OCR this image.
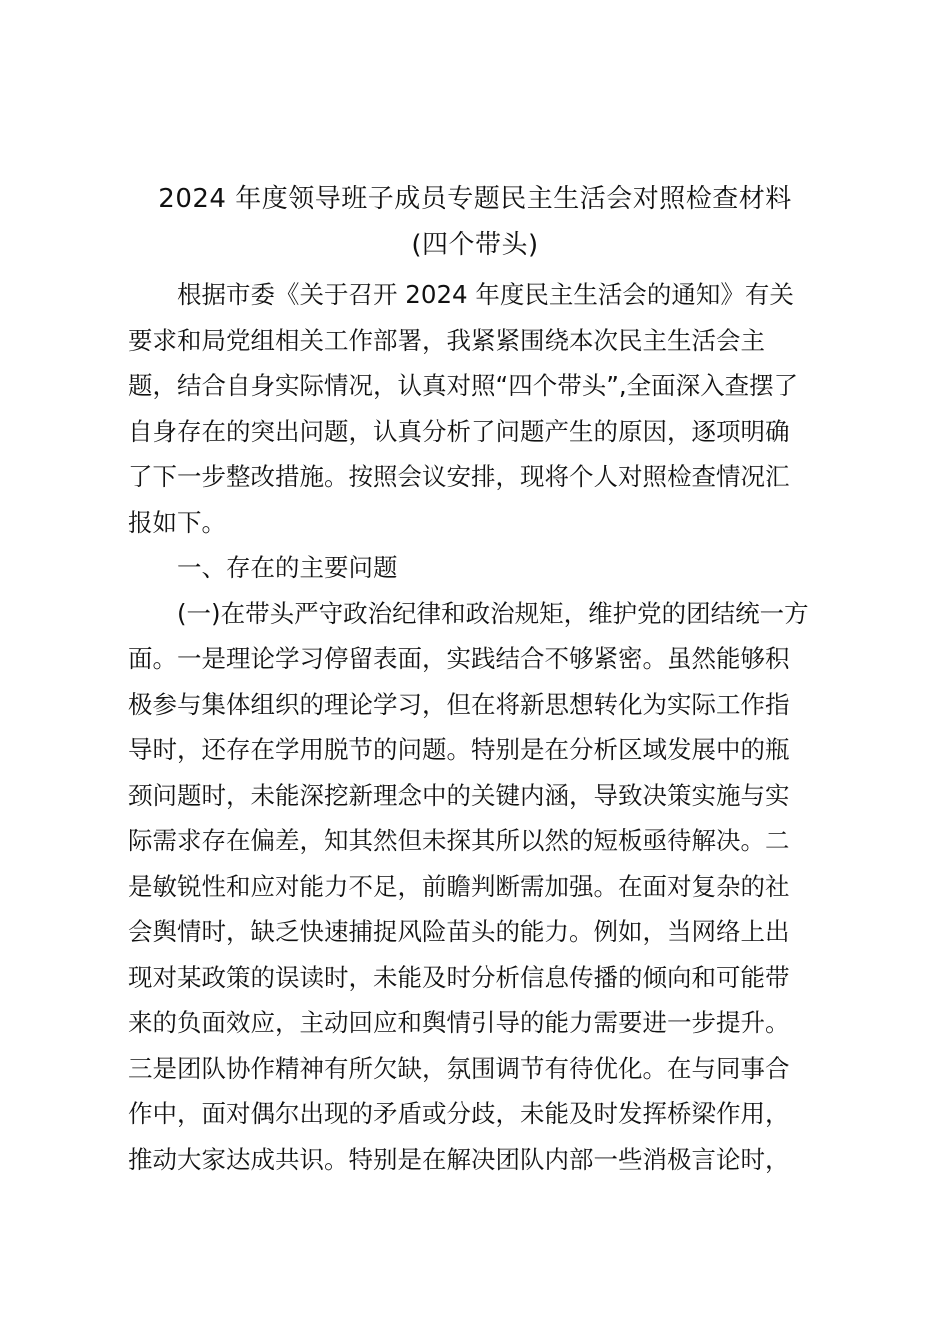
2024 年度领导班子成员专题民主生活会对照检查材料
(四个带头)
根据市委《关于召开 2024 年度民主生活会的通知》有关
要求和局党组相关工作部署，我紧紧围绕本次民主生活会主
题，结合自身实际情况，认真对照“四个带头”,全面深入查摆了
自身存在的突出问题，认真分析了问题产生的原因，逐项明确
了下一步整改措施。按照会议安排，现将个人对照检查情况汇
报如下。
一、存在的主要问题
(一)在带头严守政治纪律和政治规矩，维护党的团结统一方
面。一是理论学习停留表面，实践结合不够紧密。虽然能够积
极参与集体组织的理论学习，但在将新思想转化为实际工作指
导时，还存在学用脱节的问题。特别是在分析区域发展中的瓶
颈问题时，未能深挖新理念中的关键内涵，导致决策实施与实
际需求存在偏差，知其然但未探其所以然的短板亟待解决。二
是敏锐性和应对能力不足，前瞻判断需加强。在面对复杂的社
会舆情时，缺乏快速捕捉风险苗头的能力。例如，当网络上出
现对某政策的误读时，未能及时分析信息传播的倾向和可能带
来的负面效应，主动回应和舆情引导的能力需要进一步提升。
三是团队协作精神有所欠缺，氛围调节有待优化。在与同事合
作中，面对偶尔出现的矛盾或分歧，未能及时发挥桥梁作用，
推动大家达成共识。特别是在解决团队内部一些消极言论时，
